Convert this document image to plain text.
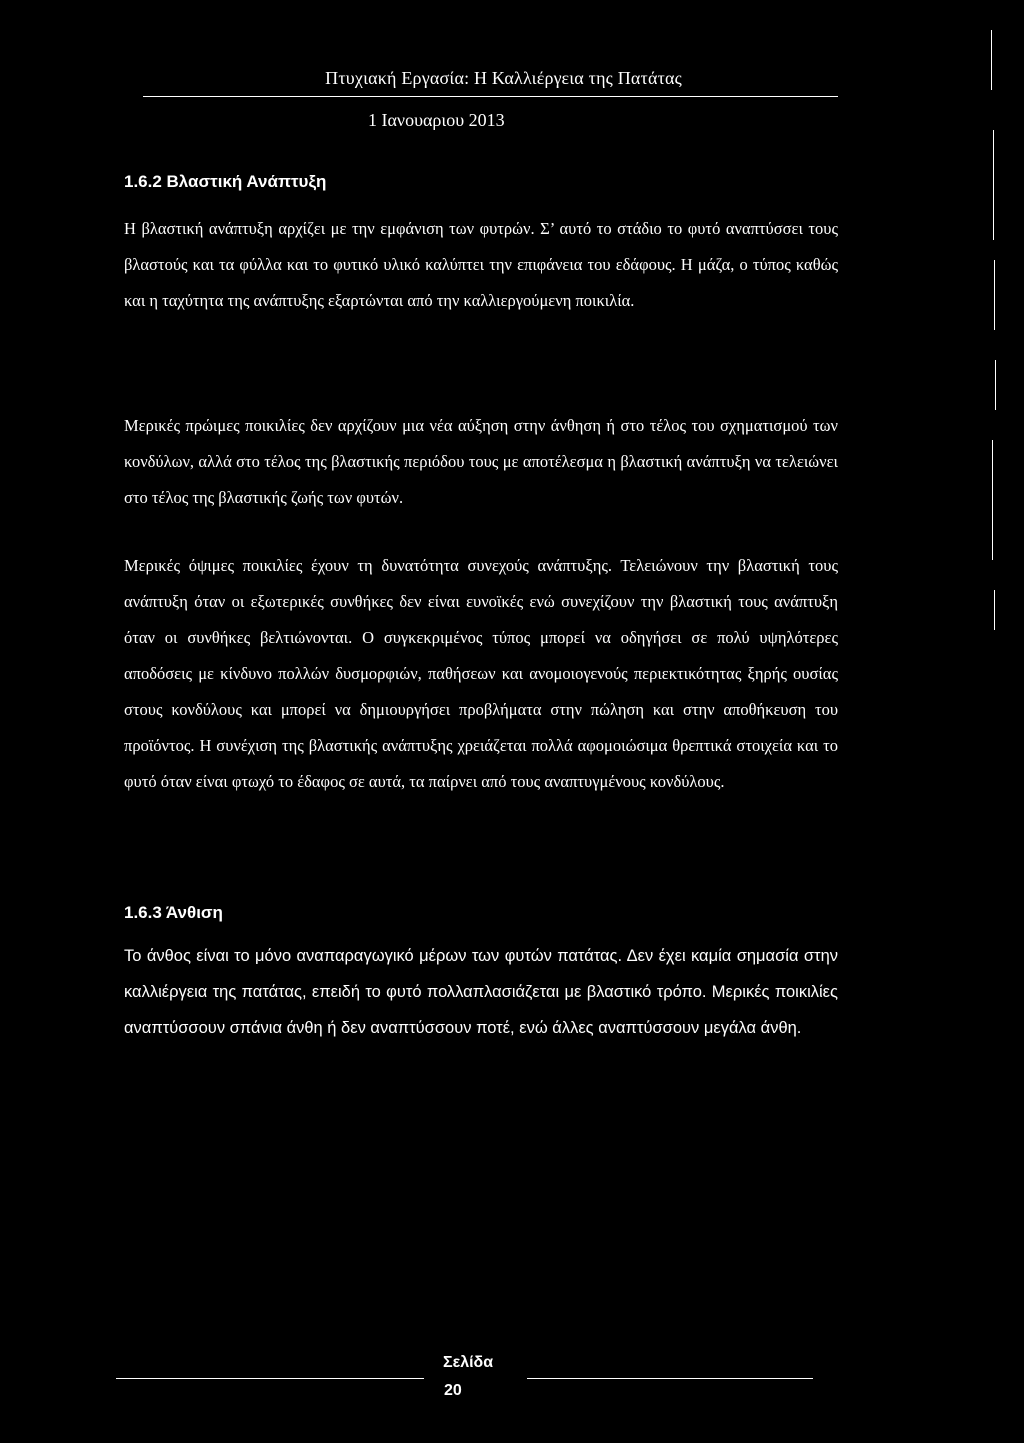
Πτυχιακή Εργασία: Η Καλλιέργεια της Πατάτας
1 Ιανουαριου 2013
1.6.2 Βλαστική Ανάπτυξη

Η βλαστική ανάπτυξη αρχίζει με την εμφάνιση των φυτρών. Σ’ αυτό το στάδιο το φυτό αναπτύσσει τους βλαστούς και τα φύλλα και το φυτικό υλικό καλύπτει την επιφάνεια του εδάφους. Η μάζα, ο τύπος καθώς και η ταχύτητα της ανάπτυξης εξαρτώνται από την καλλιεργούμενη ποικιλία.

Μερικές πρώιμες ποικιλίες δεν αρχίζουν μια νέα αύξηση στην άνθηση ή στο τέλος του σχηματισμού των κονδύλων, αλλά στο τέλος της βλαστικής περιόδου τους με αποτέλεσμα η βλαστική ανάπτυξη να τελειώνει στο τέλος της βλαστικής ζωής των φυτών.

Μερικές όψιμες ποικιλίες έχουν τη δυνατότητα συνεχούς ανάπτυξης. Τελειώνουν την βλαστική τους ανάπτυξη όταν οι εξωτερικές συνθήκες δεν είναι ευνοϊκές ενώ συνεχίζουν την βλαστική τους ανάπτυξη όταν οι συνθήκες βελτιώνονται. Ο συγκεκριμένος τύπος μπορεί να οδηγήσει σε πολύ υψηλότερες αποδόσεις με κίνδυνο πολλών δυσμορφιών, παθήσεων και ανομοιογενούς περιεκτικότητας ξηρής ουσίας στους κονδύλους και μπορεί να δημιουργήσει προβλήματα στην πώληση και στην αποθήκευση του προϊόντος. Η συνέχιση της βλαστικής ανάπτυξης χρειάζεται πολλά αφομοιώσιμα θρεπτικά στοιχεία και το φυτό όταν είναι φτωχό το έδαφος σε αυτά, τα παίρνει από τους αναπτυγμένους κονδύλους.

1.6.3 Άνθιση

Το άνθος είναι το μόνο αναπαραγωγικό μέρων των φυτών πατάτας. Δεν έχει καμία σημασία στην καλλιέργεια της πατάτας, επειδή το φυτό πολλαπλασιάζεται με βλαστικό τρόπο. Μερικές ποικιλίες αναπτύσσουν σπάνια άνθη ή δεν αναπτύσσουν ποτέ, ενώ άλλες αναπτύσσουν μεγάλα άνθη.

Σελίδα
20
